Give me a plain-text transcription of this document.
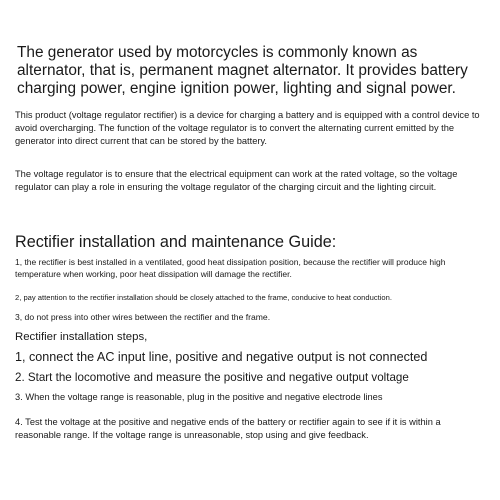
The generator used by motorcycles is commonly known as alternator, that is, permanent magnet alternator. It provides battery charging power, engine ignition power, lighting and signal power.

This product (voltage regulator rectifier) is a device for charging a battery and is equipped with a control device to avoid overcharging. The function of the voltage regulator is to convert the alternating current emitted by the generator into direct current that can be stored by the battery.

The voltage regulator is to ensure that the electrical equipment can work at the rated voltage, so the voltage regulator can play a role in ensuring the voltage regulator of the charging circuit and the lighting circuit.

Rectifier installation and maintenance Guide:

1, the rectifier is best installed in a ventilated, good heat dissipation position, because the rectifier will produce high temperature when working, poor heat dissipation will damage the rectifier.

2, pay attention to the rectifier installation should be closely attached to the frame, conducive to heat conduction.

3, do not press into other wires between the rectifier and the frame.

Rectifier installation steps,

1, connect the AC input line, positive and negative output is not connected

2. Start the locomotive and measure the positive and negative output voltage

3. When the voltage range is reasonable, plug in the positive and negative electrode lines

4. Test the voltage at the positive and negative ends of the battery or rectifier again to see if it is within a reasonable range. If the voltage range is unreasonable, stop using and give feedback.
